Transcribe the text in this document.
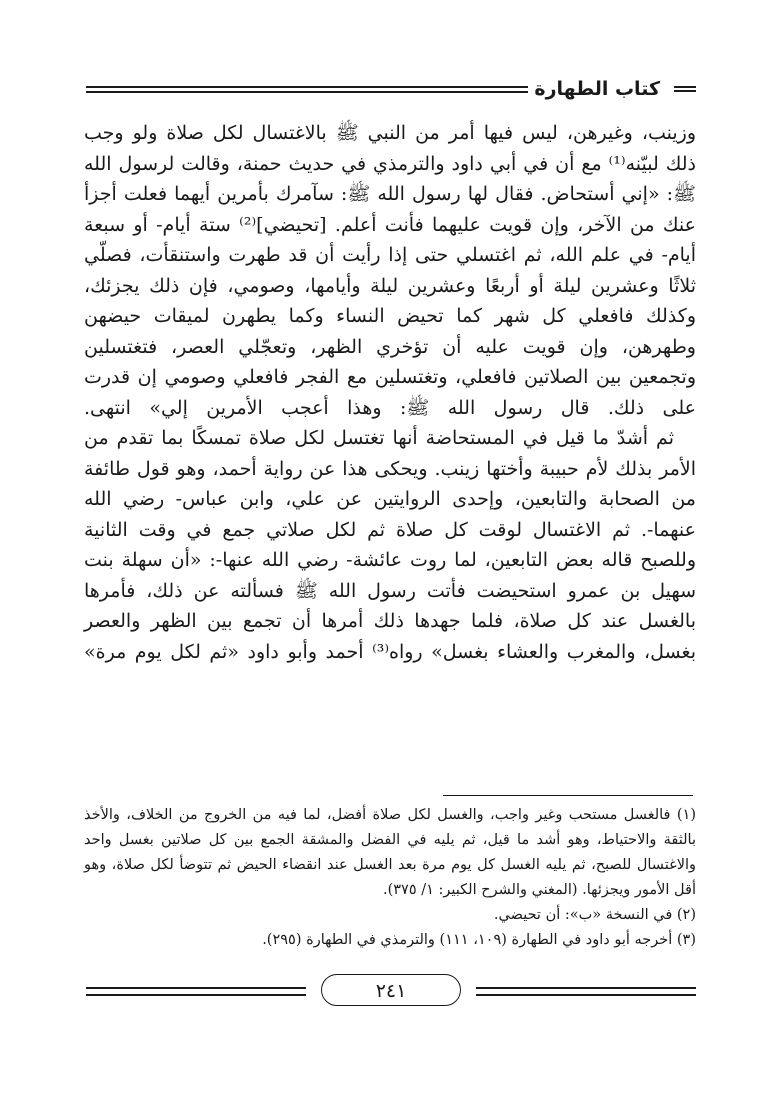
كتاب الطهارة

وزينب، وغيرهن، ليس فيها أمر من النبي ﷺ بالاغتسال لكل صلاة ولو وجب ذلك لبيّنه⁽¹⁾ مع أن في أبي داود والترمذي في حديث حمنة، وقالت لرسول الله ﷺ: «إني أستحاض. فقال لها رسول الله ﷺ: سآمرك بأمرين أيهما فعلت أجزأ عنك من الآخر، وإن قويت عليهما فأنت أعلم. [تحيضي]⁽²⁾ ستة أيام- أو سبعة أيام- في علم الله، ثم اغتسلي حتى إذا رأيت أن قد طهرت واستنقأت، فصلّي ثلاثًا وعشرين ليلة أو أربعًا وعشرين ليلة وأيامها، وصومي، فإن ذلك يجزئك، وكذلك فافعلي كل شهر كما تحيض النساء وكما يطهرن لميقات حيضهن وطهرهن، وإن قويت عليه أن تؤخري الظهر، وتعجّلي العصر، فتغتسلين وتجمعين بين الصلاتين فافعلي، وتغتسلين مع الفجر فافعلي وصومي إن قدرت على ذلك. قال رسول الله ﷺ: وهذا أعجب الأمرين إلي» انتهى.

ثم أشدّ ما قيل في المستحاضة أنها تغتسل لكل صلاة تمسكًا بما تقدم من الأمر بذلك لأم حبيبة وأختها زينب. ويحكى هذا عن رواية أحمد، وهو قول طائفة من الصحابة والتابعين، وإحدى الروايتين عن علي، وابن عباس- رضي الله عنهما-. ثم الاغتسال لوقت كل صلاة ثم لكل صلاتي جمع في وقت الثانية وللصبح قاله بعض التابعين، لما روت عائشة- رضي الله عنها-: «أن سهلة بنت سهيل بن عمرو استحيضت فأتت رسول الله ﷺ فسألته عن ذلك، فأمرها بالغسل عند كل صلاة، فلما جهدها ذلك أمرها أن تجمع بين الظهر والعصر بغسل، والمغرب والعشاء بغسل» رواه⁽³⁾ أحمد وأبو داود «ثم لكل يوم مرة»

(١) فالغسل مستحب وغير واجب، والغسل لكل صلاة أفضل، لما فيه من الخروج من الخلاف، والأخذ بالثقة والاحتياط، وهو أشد ما قيل، ثم يليه في الفضل والمشقة الجمع بين كل صلاتين بغسل واحد والاغتسال للصبح، ثم يليه الغسل كل يوم مرة بعد الغسل عند انقضاء الحيض ثم تتوضأ لكل صلاة، وهو أقل الأمور ويجزئها. (المغني والشرح الكبير: ١/ ٣٧٥).

(٢) في النسخة «ب»: أن تحيضي.

(٣) أخرجه أبو داود في الطهارة (١٠٩، ١١١) والترمذي في الطهارة (٢٩٥).

٢٤١
